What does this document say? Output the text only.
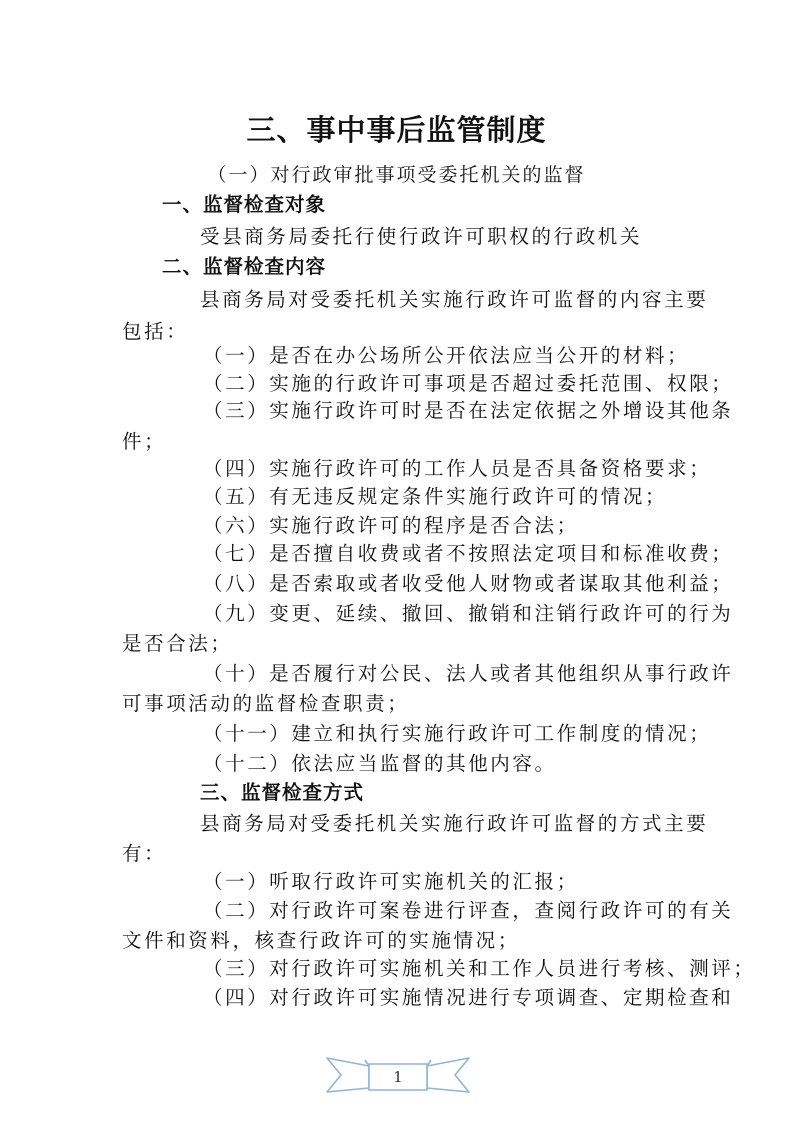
三、事中事后监管制度

（一）对行政审批事项受委托机关的监督

一、监督检查对象

受县商务局委托行使行政许可职权的行政机关

二、监督检查内容

县商务局对受委托机关实施行政许可监督的内容主要

包括：

（一）是否在办公场所公开依法应当公开的材料；

（二）实施的行政许可事项是否超过委托范围、权限；

（三）实施行政许可时是否在法定依据之外增设其他条

件；

（四）实施行政许可的工作人员是否具备资格要求；

（五）有无违反规定条件实施行政许可的情况；

（六）实施行政许可的程序是否合法；

（七）是否擅自收费或者不按照法定项目和标准收费；

（八）是否索取或者收受他人财物或者谋取其他利益；

（九）变更、延续、撤回、撤销和注销行政许可的行为

是否合法；

（十）是否履行对公民、法人或者其他组织从事行政许

可事项活动的监督检查职责；

（十一）建立和执行实施行政许可工作制度的情况；

（十二）依法应当监督的其他内容。

三、监督检查方式

县商务局对受委托机关实施行政许可监督的方式主要

有：

（一）听取行政许可实施机关的汇报；

（二）对行政许可案卷进行评查，查阅行政许可的有关

文件和资料，核查行政许可的实施情况；

（三）对行政许可实施机关和工作人员进行考核、测评；

（四）对行政许可实施情况进行专项调查、定期检查和

1
